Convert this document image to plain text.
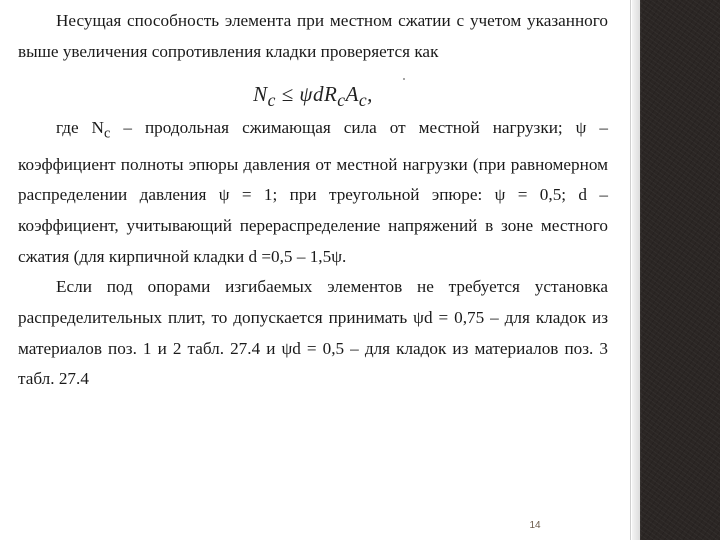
Несущая способность элемента при местном сжатии с учетом указанного выше увеличения сопротивления кладки проверяется как

где $N_c$ – продольная сжимающая сила от местной нагрузки; ψ – коэффициент полноты эпюры давления от местной нагрузки (при равномерном распределении давления ψ = 1; при треугольной эпюре: ψ = 0,5; d – коэффициент, учитывающий перераспределение напряжений в зоне местного сжатия (для кирпичной кладки d =0,5 – 1,5ψ.

Если под опорами изгибаемых элементов не требуется установка распределительных плит, то допускается принимать ψd = 0,75 – для кладок из материалов поз. 1 и 2 табл. 27.4 и ψd = 0,5 – для кладок из материалов поз. 3 табл. 27.4

$N_c \le \psi dR_cA_c$,
14
